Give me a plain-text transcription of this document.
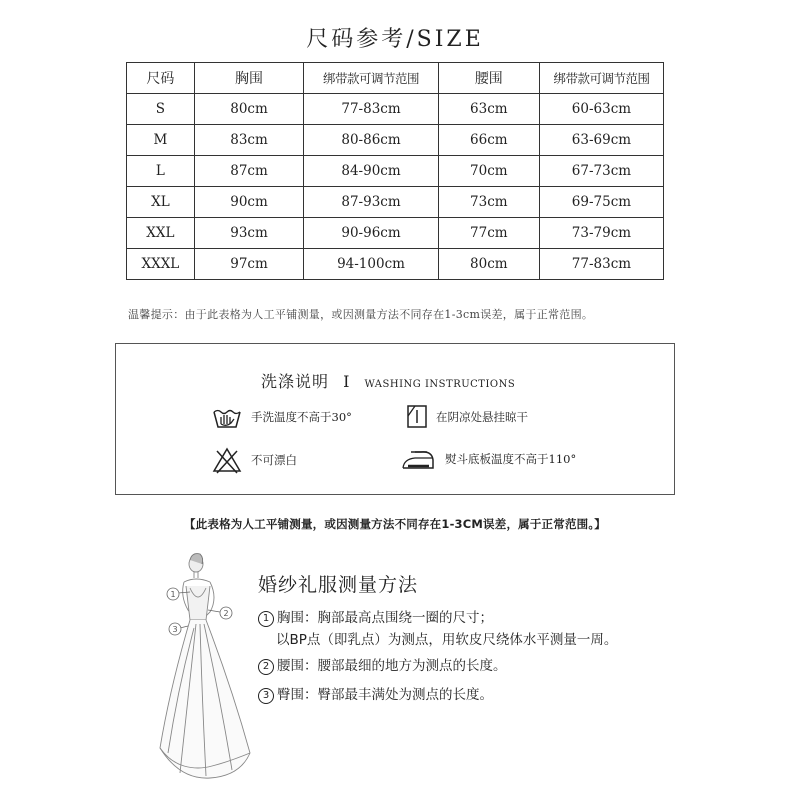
尺码参考/SIZE
尺码	胸围	绑带款可调节范围	腰围	绑带款可调节范围
S	80cm	77-83cm	63cm	60-63cm
M	83cm	80-86cm	66cm	63-69cm
L	87cm	84-90cm	70cm	67-73cm
XL	90cm	87-93cm	73cm	69-75cm
XXL	93cm	90-96cm	77cm	73-79cm
XXXL	97cm	94-100cm	80cm	77-83cm
温馨提示：由于此表格为人工平铺测量，或因测量方法不同存在1-3cm误差，属于正常范围。
洗涤说明 I WASHING INSTRUCTIONS
手洗温度不高于30°	在阴凉处悬挂晾干
不可漂白	熨斗底板温度不高于110°
【此表格为人工平铺测量，或因测量方法不同存在1-3CM误差，属于正常范围。】
1
2
3
婚纱礼服测量方法
1 胸围：胸部最高点围绕一圈的尺寸；
以BP点（即乳点）为测点，用软皮尺绕体水平测量一周。
2 腰围：腰部最细的地方为测点的长度。
3 臀围：臀部最丰满处为测点的长度。
